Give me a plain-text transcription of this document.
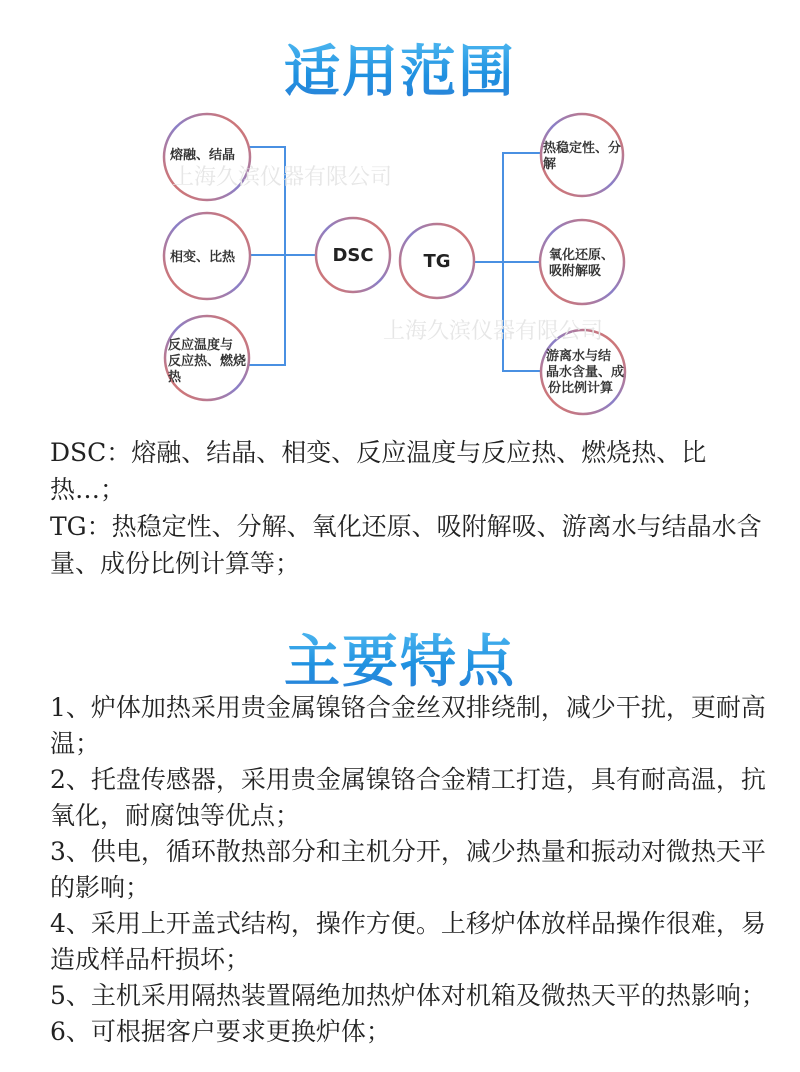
适用范围
上海久滨仪器有限公司
上海久滨仪器有限公司
DSC	TG
熔融、结晶
相变、比热
反应温度与
反应热、燃烧
热
热稳定性、分
解
氧化还原、
吸附解吸
游离水与结
晶水含量、成
份比例计算
DSC：熔融、结晶、相变、反应温度与反应热、燃烧热、比热…；
TG：热稳定性、分解、氧化还原、吸附解吸、游离水与结晶水含量、成份比例计算等；
主要特点
1、炉体加热采用贵金属镍铬合金丝双排绕制，减少干扰，更耐高温；
2、托盘传感器，采用贵金属镍铬合金精工打造，具有耐高温，抗氧化，耐腐蚀等优点；
3、供电，循环散热部分和主机分开，减少热量和振动对微热天平的影响；
4、采用上开盖式结构，操作方便。上移炉体放样品操作很难，易造成样品杆损坏；
5、主机采用隔热装置隔绝加热炉体对机箱及微热天平的热影响；
6、可根据客户要求更换炉体；
